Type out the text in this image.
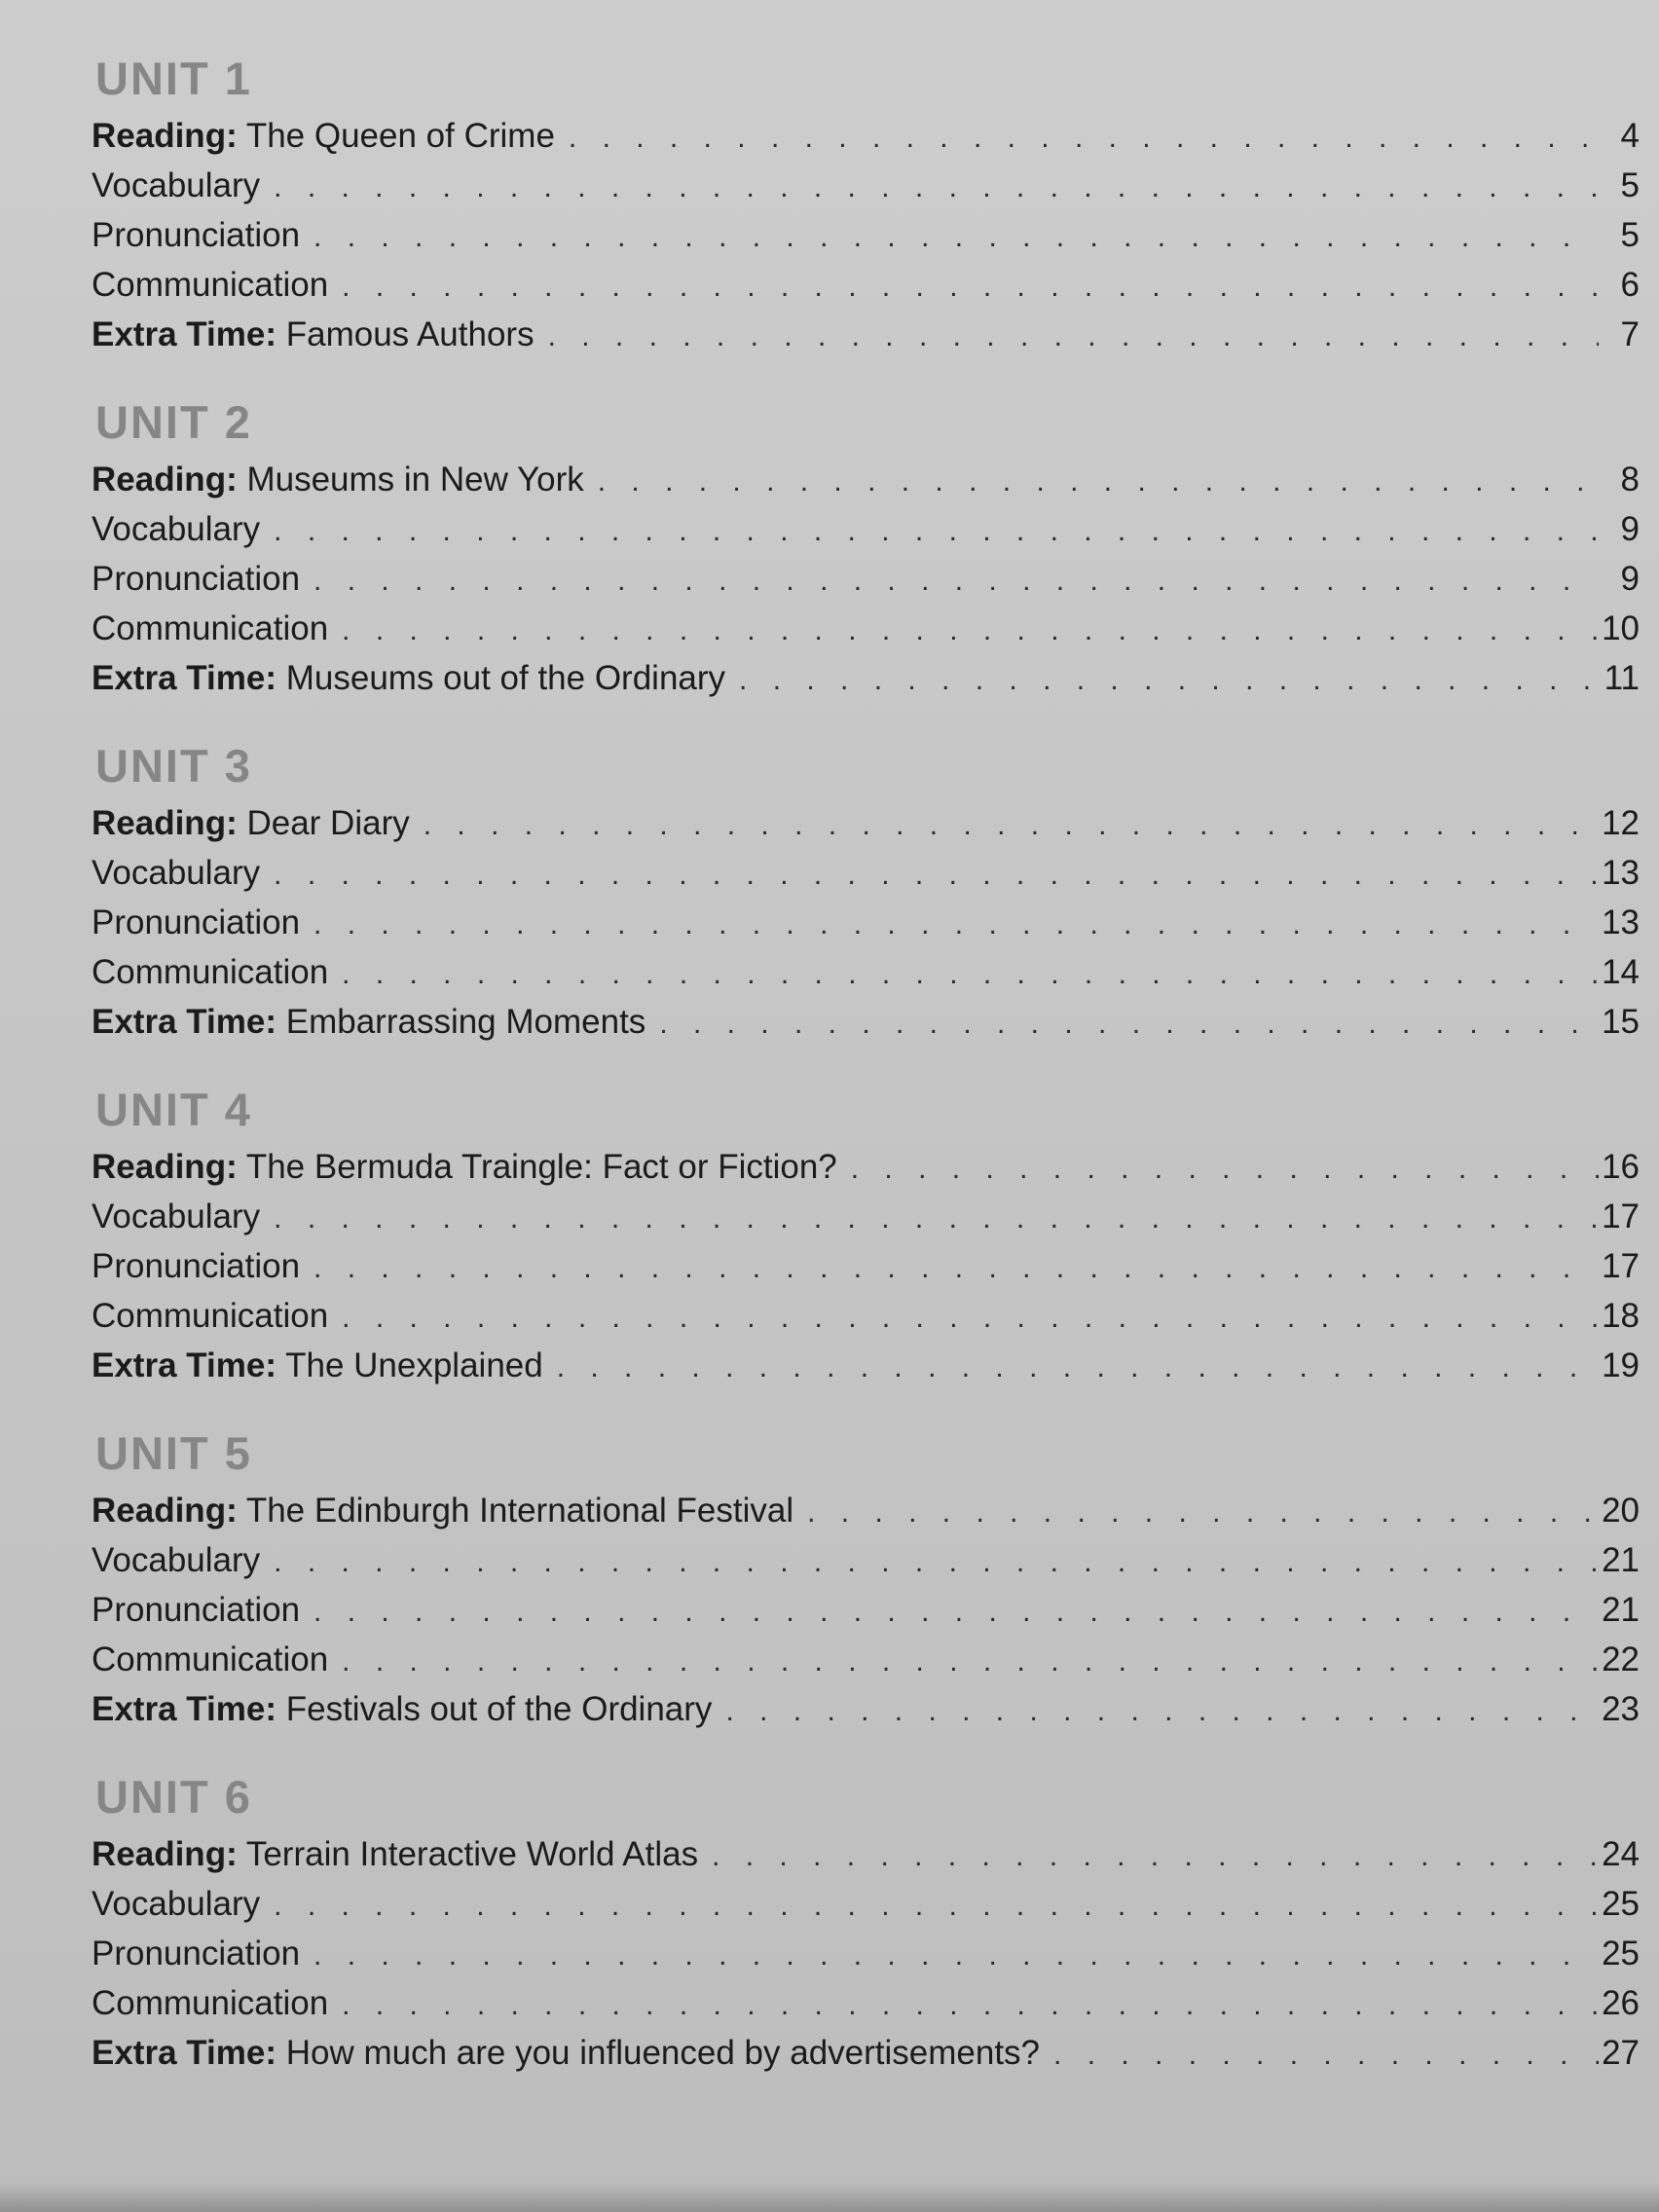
UNIT 1
Reading: The Queen of Crime . . .	4
Vocabulary . . .	5
Pronunciation . . .	5
Communication . . .	6
Extra Time: Famous Authors . . .	7
UNIT 2
Reading: Museums in New York . . .	8
Vocabulary . . .	9
Pronunciation . . .	9
Communication . . .	10
Extra Time: Museums out of the Ordinary . . .	11
UNIT 3
Reading: Dear Diary . . .	12
Vocabulary . . .	13
Pronunciation . . .	13
Communication . . .	14
Extra Time: Embarrassing Moments . . .	15
UNIT 4
Reading: The Bermuda Traingle: Fact or Fiction? . . .	16
Vocabulary . . .	17
Pronunciation . . .	17
Communication . . .	18
Extra Time: The Unexplained . . .	19
UNIT 5
Reading: The Edinburgh International Festival . . .	20
Vocabulary . . .	21
Pronunciation . . .	21
Communication . . .	22
Extra Time: Festivals out of the Ordinary . . .	23
UNIT 6
Reading: Terrain Interactive World Atlas . . .	24
Vocabulary . . .	25
Pronunciation . . .	25
Communication . . .	26
Extra Time: How much are you influenced by advertisements? . . .	27
